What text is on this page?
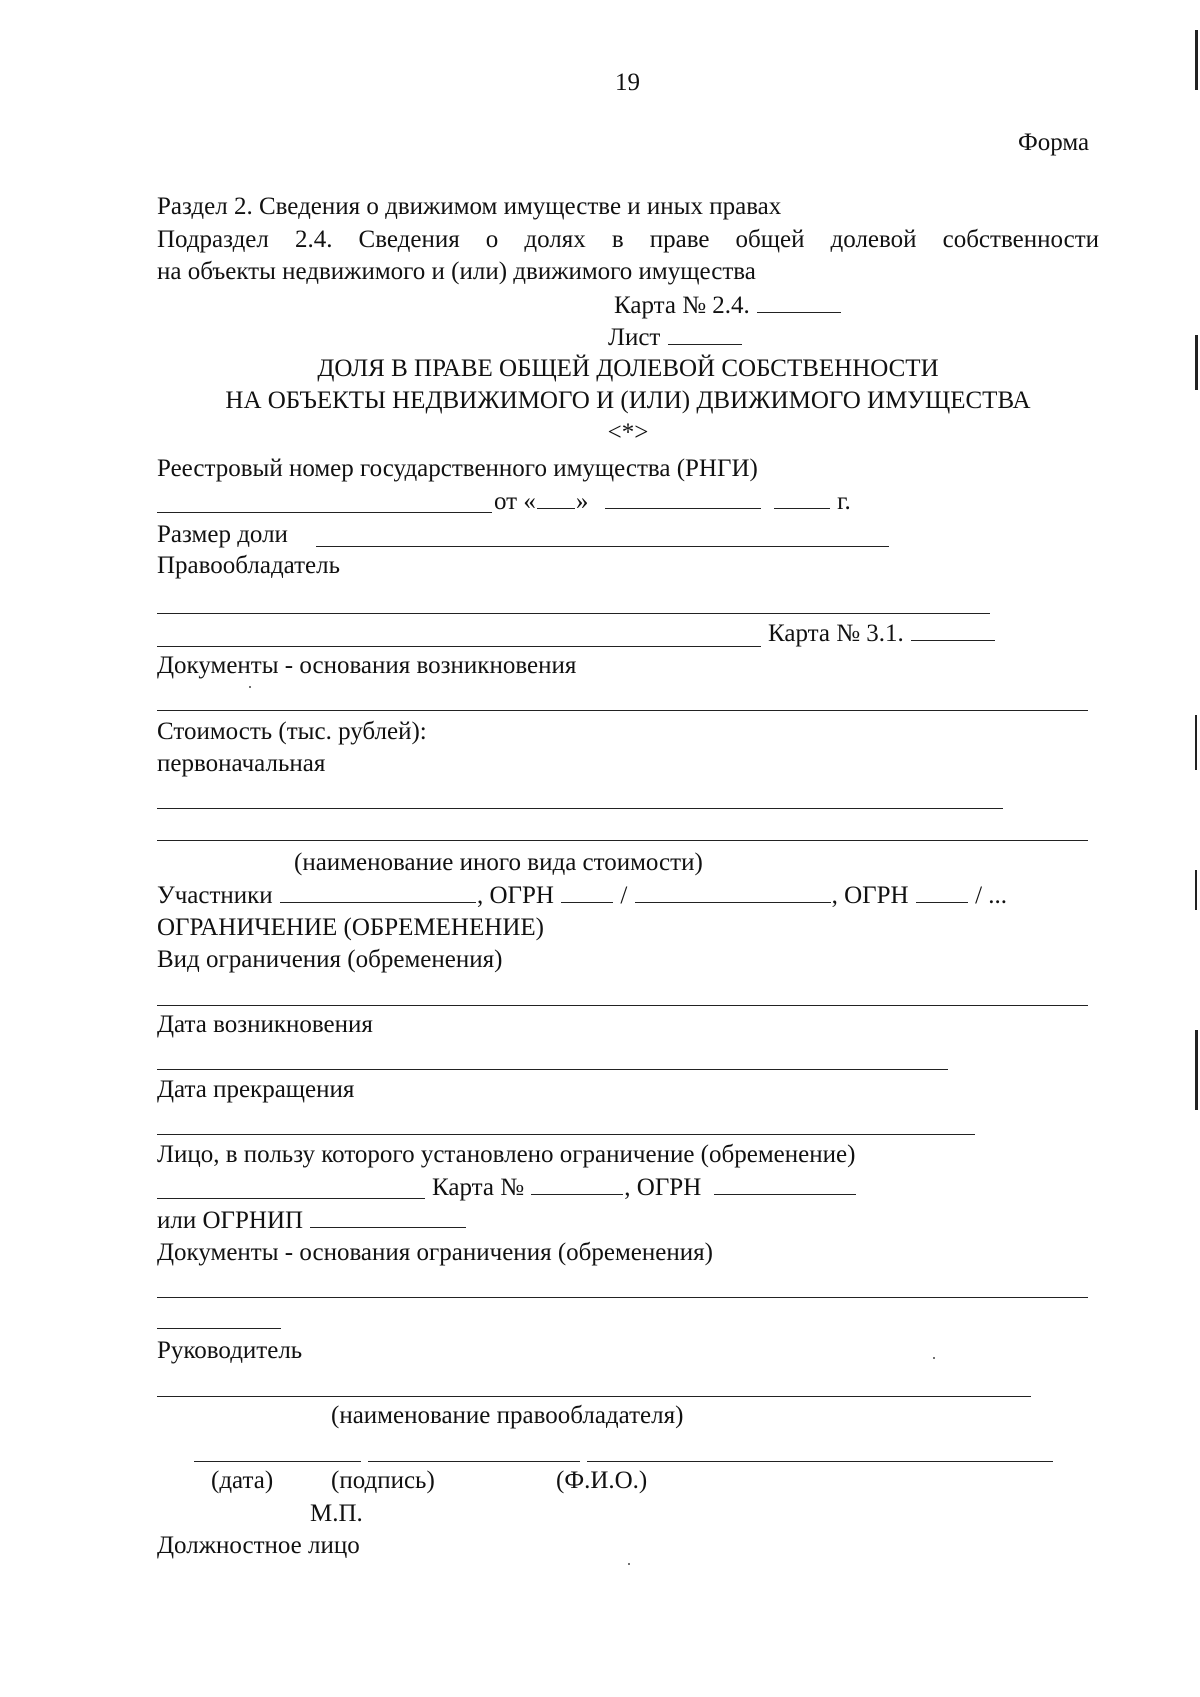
19
Форма
Раздел 2. Сведения о движимом имуществе и иных правах
Подраздел 2.4. Сведения о долях в праве общей долевой собственности
на объекты недвижимого и (или) движимого имущества
Карта № 2.4.
Лист
ДОЛЯ В ПРАВЕ ОБЩЕЙ ДОЛЕВОЙ СОБСТВЕННОСТИ
НА ОБЪЕКТЫ НЕДВИЖИМОГО И (ИЛИ) ДВИЖИМОГО ИМУЩЕСТВА
<*>
Реестровый номер государственного имущества (РНГИ)
от « »	г.
Размер доли
Правообладатель
Карта № 3.1.
Документы - основания возникновения
Стоимость (тыс. рублей):
первоначальная
(наименование иного вида стоимости)
Участники	, ОГРН	/	, ОГРН	/ ...
ОГРАНИЧЕНИЕ (ОБРЕМЕНЕНИЕ)
Вид ограничения (обременения)
Дата возникновения
Дата прекращения
Лицо, в пользу которого установлено ограничение (обременение)
Карта №	, ОГРН
или ОГРНИП
Документы - основания ограничения (обременения)
Руководитель
(наименование правообладателя)
(дата) (подпись)	(Ф.И.О.)
М.П.
Должностное лицо
